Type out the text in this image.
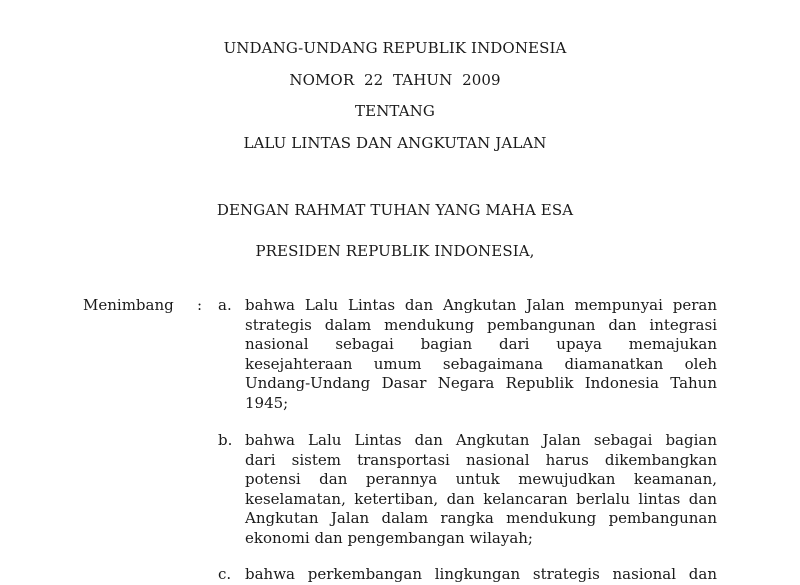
UNDANG-UNDANG REPUBLIK INDONESIA
NOMOR  22  TAHUN  2009
TENTANG
LALU LINTAS DAN ANGKUTAN JALAN
DENGAN RAHMAT TUHAN YANG MAHA ESA
PRESIDEN REPUBLIK INDONESIA,
Menimbang : a. bahwa Lalu Lintas dan Angkutan Jalan mempunyai peran
strategis dalam mendukung pembangunan dan integrasi
nasional sebagai bagian dari upaya memajukan
kesejahteraan umum sebagaimana diamanatkan oleh
Undang-Undang Dasar Negara Republik Indonesia Tahun
1945;
b. bahwa Lalu Lintas dan Angkutan Jalan sebagai bagian
dari sistem transportasi nasional harus dikembangkan
potensi dan perannya untuk mewujudkan keamanan,
keselamatan, ketertiban, dan kelancaran berlalu lintas dan
Angkutan Jalan dalam rangka mendukung pembangunan
ekonomi dan pengembangan wilayah;
c. bahwa perkembangan lingkungan strategis nasional dan
